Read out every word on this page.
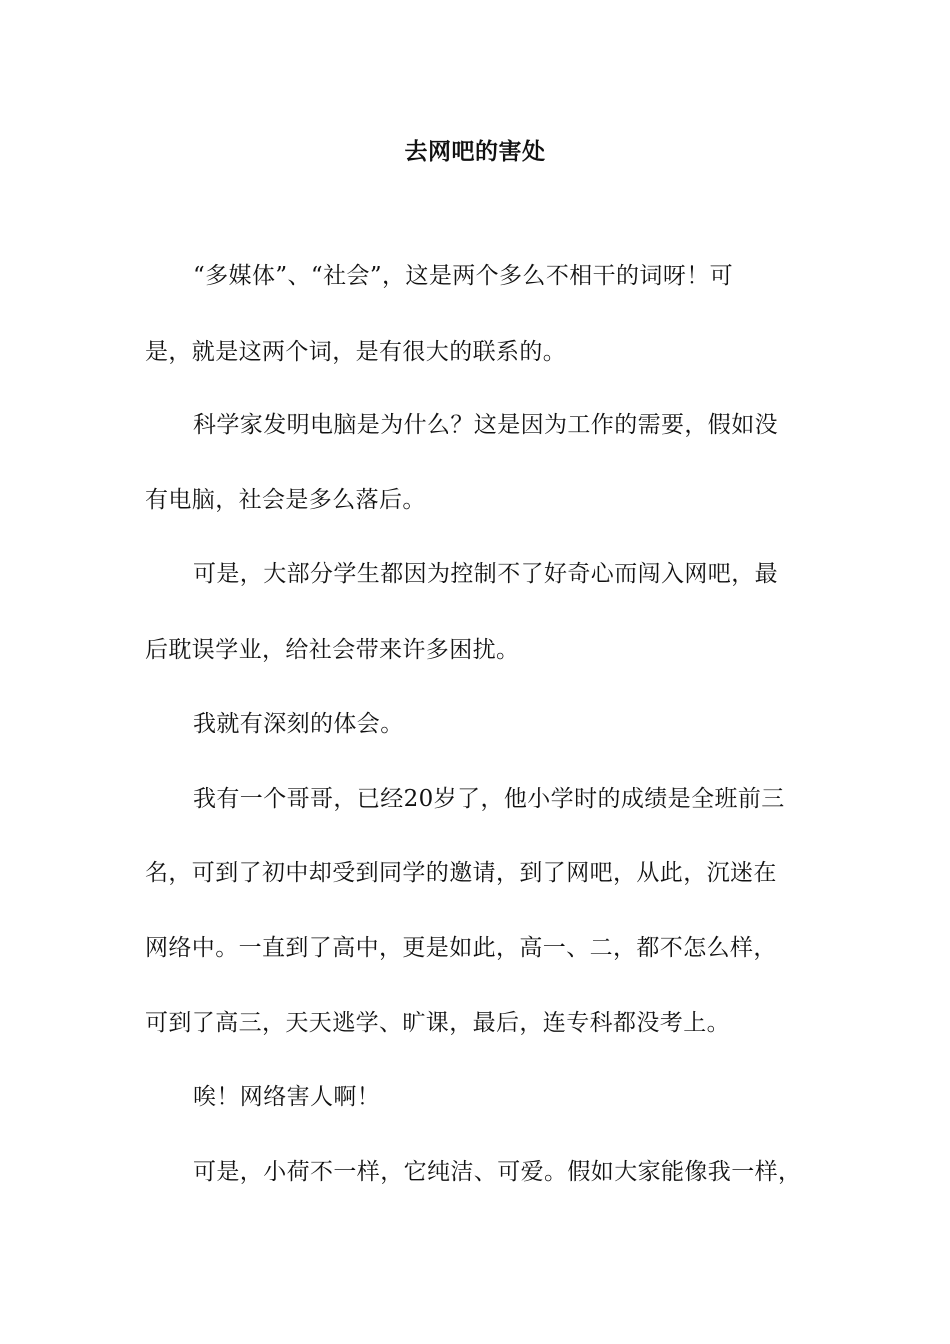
去网吧的害处
“多媒体”、“社会”，这是两个多么不相干的词呀！可
是，就是这两个词，是有很大的联系的。
科学家发明电脑是为什么？这是因为工作的需要，假如没
有电脑，社会是多么落后。
可是，大部分学生都因为控制不了好奇心而闯入网吧，最
后耽误学业，给社会带来许多困扰。
我就有深刻的体会。
我有一个哥哥，已经20岁了，他小学时的成绩是全班前三
名，可到了初中却受到同学的邀请，到了网吧，从此，沉迷在
网络中。一直到了高中，更是如此，高一、二，都不怎么样，
可到了高三，天天逃学、旷课，最后，连专科都没考上。
唉！网络害人啊！
可是，小荷不一样，它纯洁、可爱。假如大家能像我一样，
